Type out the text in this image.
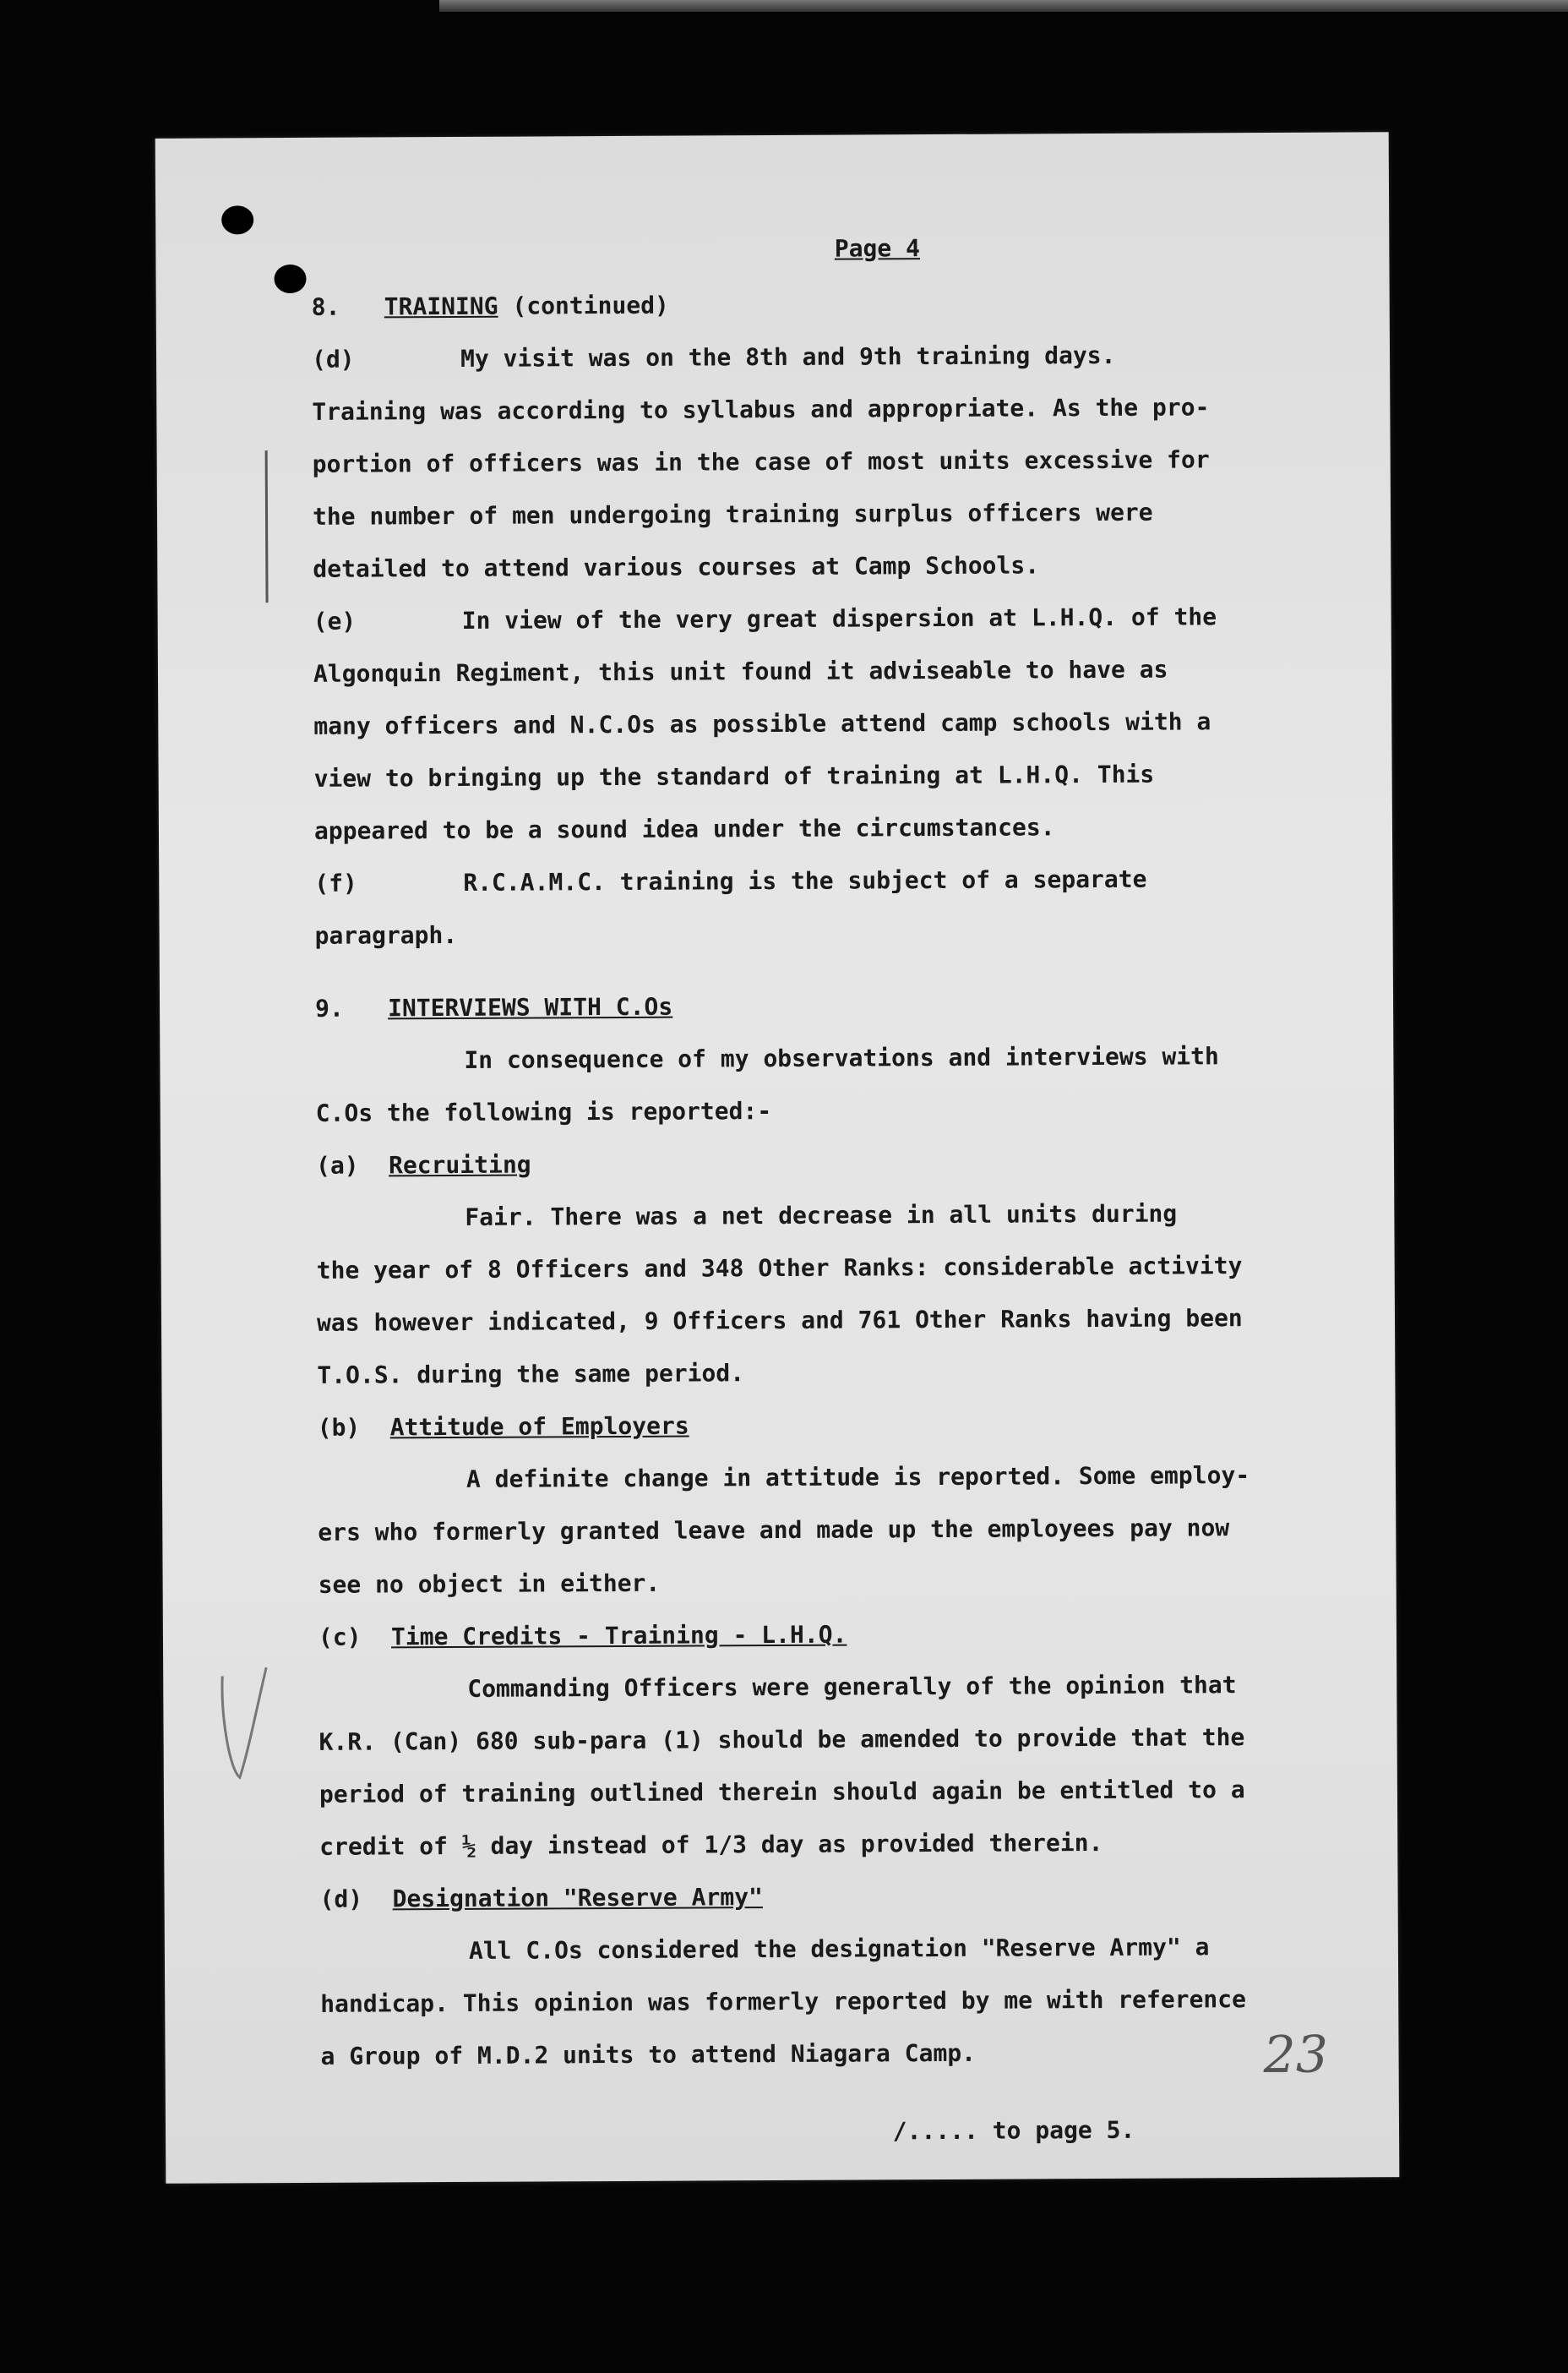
Page 4
8. TRAINING (continued)
(d)	My visit was on the 8th and 9th training days.
Training was according to syllabus and appropriate. As the pro-
portion of officers was in the case of most units excessive for
the number of men undergoing training surplus officers were
detailed to attend various courses at Camp Schools.
(e)	In view of the very great dispersion at L.H.Q. of the
Algonquin Regiment, this unit found it adviseable to have as
many officers and N.C.Os as possible attend camp schools with a
view to bringing up the standard of training at L.H.Q. This
appeared to be a sound idea under the circumstances.
(f)	R.C.A.M.C. training is the subject of a separate
paragraph.
9. INTERVIEWS WITH C.Os
In consequence of my observations and interviews with
C.Os the following is reported:-
(a) Recruiting
Fair. There was a net decrease in all units during
the year of 8 Officers and 348 Other Ranks: considerable activity
was however indicated, 9 Officers and 761 Other Ranks having been
T.O.S. during the same period.
(b) Attitude of Employers
A definite change in attitude is reported. Some employ-
ers who formerly granted leave and made up the employees pay now
see no object in either.
(c) Time Credits - Training - L.H.Q.
Commanding Officers were generally of the opinion that
K.R. (Can) 680 sub-para (1) should be amended to provide that the
period of training outlined therein should again be entitled to a
credit of ½ day instead of 1/3 day as provided therein.
(d) Designation "Reserve Army"
All C.Os considered the designation "Reserve Army" a
handicap. This opinion was formerly reported by me with reference
a Group of M.D.2 units to attend Niagara Camp.
/..... to page 5.
23
